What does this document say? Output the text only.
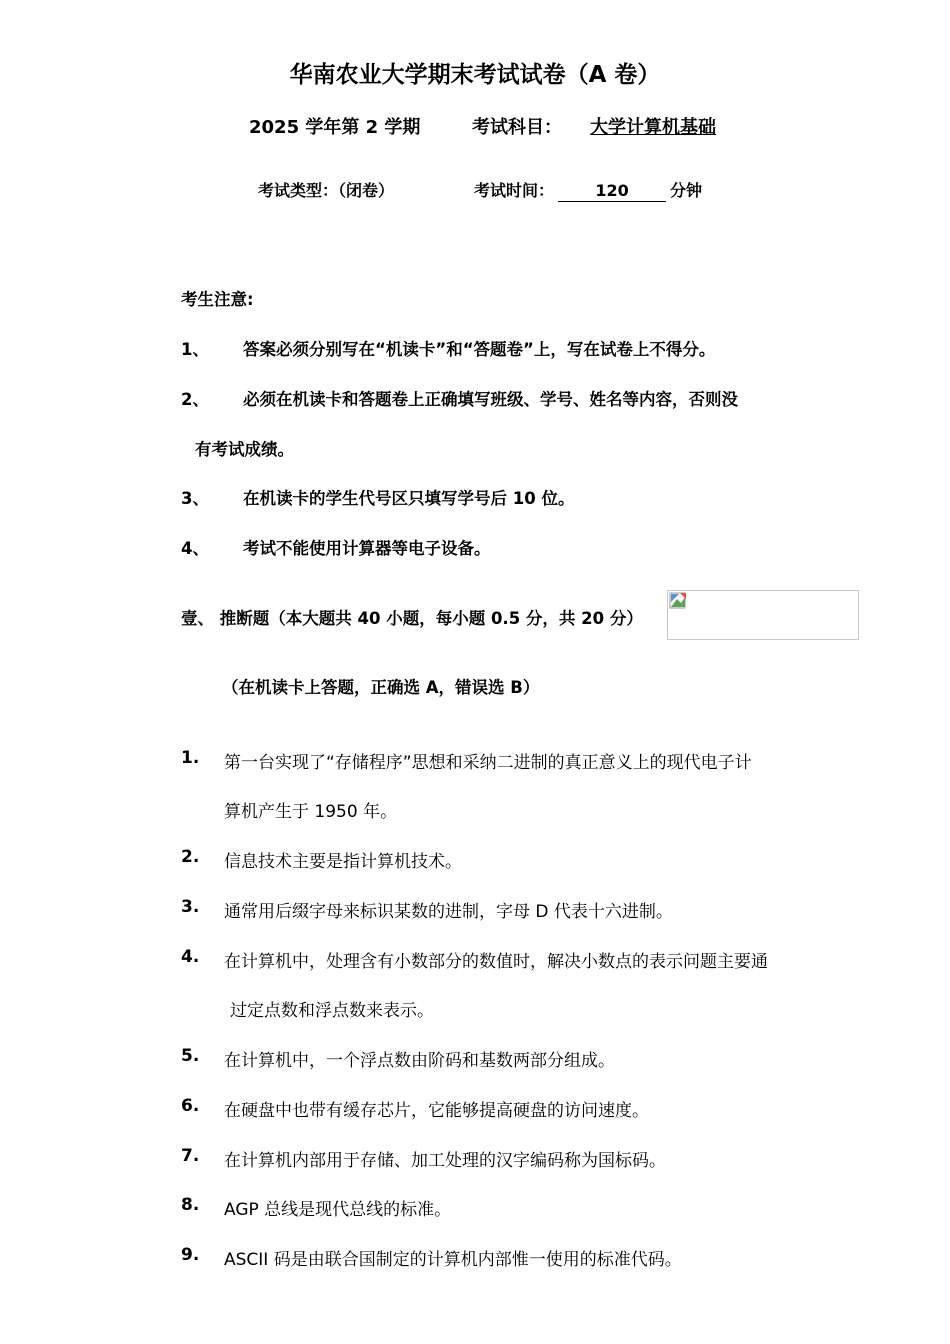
华南农业大学期末考试试卷（A 卷）
2025 学年第 2 学期	考试科目： 大学计算机基础
考试类型：（闭卷）	考试时间：	120	分钟
考生注意:
1、 答案必须分别写在“机读卡”和“答题卷”上，写在试卷上不得分。
2、 必须在机读卡和答题卷上正确填写班级、学号、姓名等内容，否则没
有考试成绩。
3、 在机读卡的学生代号区只填写学号后 10 位。
4、 考试不能使用计算器等电子设备。
壹、 推断题（本大题共 40 小题，每小题 0.5 分，共 20 分）
（在机读卡上答题，正确选 A，错误选 B）
1. 第一台实现了“存储程序”思想和采纳二进制的真正意义上的现代电子计
算机产生于 1950 年。
2. 信息技术主要是指计算机技术。
3. 通常用后缀字母来标识某数的进制，字母 D 代表十六进制。
4. 在计算机中，处理含有小数部分的数值时，解决小数点的表示问题主要通
过定点数和浮点数来表示。
5. 在计算机中，一个浮点数由阶码和基数两部分组成。
6. 在硬盘中也带有缓存芯片，它能够提高硬盘的访问速度。
7. 在计算机内部用于存储、加工处理的汉字编码称为国标码。
8. AGP 总线是现代总线的标准。
9. ASCII 码是由联合国制定的计算机内部惟一使用的标准代码。
